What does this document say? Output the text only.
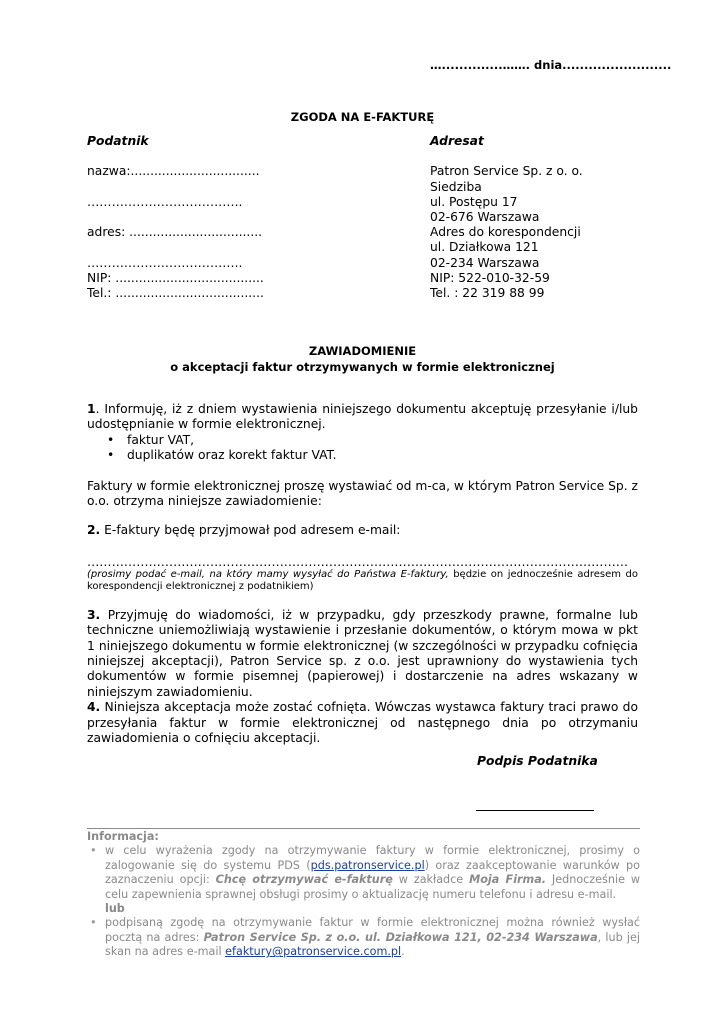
…..............……. dnia.........................
ZGODA NA E-FAKTURĘ
Podatnik
nazwa:.................................
………………………………..
adres: ..................................
………………………………..
NIP: ......................................
Tel.: ......................................
Adresat
Patron Service Sp. z o. o.
Siedziba
ul. Postępu 17
02-676 Warszawa
Adres do korespondencji
ul. Działkowa 121
02-234 Warszawa
NIP: 522-010-32-59
Tel. : 22 319 88 99
ZAWIADOMIENIE
o akceptacji faktur otrzymywanych w formie elektronicznej
1. Informuję, iż z dniem wystawienia niniejszego dokumentu akceptuję przesyłanie i/lub udostępnianie w formie elektronicznej.
• faktur VAT,
• duplikatów oraz korekt faktur VAT.
Faktury w formie elektronicznej proszę wystawiać od m-ca, w którym Patron Service Sp. z o.o. otrzyma niniejsze zawiadomienie:
2. E-faktury będę przyjmował pod adresem e-mail:
……………………………………………………………………………………………………………………
(prosimy podać e-mail, na który mamy wysyłać do Państwa E-faktury, będzie on jednocześnie adresem do korespondencji elektronicznej z podatnikiem)
3. Przyjmuję do wiadomości, iż w przypadku, gdy przeszkody prawne, formalne lub techniczne uniemożliwiają wystawienie i przesłanie dokumentów, o którym mowa w pkt 1 niniejszego dokumentu w formie elektronicznej (w szczególności w przypadku cofnięcia niniejszej akceptacji), Patron Service sp. z o.o. jest uprawniony do wystawienia tych dokumentów w formie pisemnej (papierowej) i dostarczenie na adres wskazany w niniejszym zawiadomieniu.
4. Niniejsza akceptacja może zostać cofnięta. Wówczas wystawca faktury traci prawo do przesyłania faktur w formie elektronicznej od następnego dnia po otrzymaniu zawiadomienia o cofnięciu akceptacji.
Podpis Podatnika
Informacja:
• w celu wyrażenia zgody na otrzymywanie faktury w formie elektronicznej, prosimy o zalogowanie się do systemu PDS (pds.patronservice.pl) oraz zaakceptowanie warunków po zaznaczeniu opcji: Chcę otrzymywać e-fakturę w zakładce Moja Firma. Jednocześnie w celu zapewnienia sprawnej obsługi prosimy o aktualizację numeru telefonu i adresu e-mail.
lub
• podpisaną zgodę na otrzymywanie faktur w formie elektronicznej można również wysłać pocztą na adres: Patron Service Sp. z o.o. ul. Działkowa 121, 02-234 Warszawa, lub jej skan na adres e-mail efaktury@patronservice.com.pl.
